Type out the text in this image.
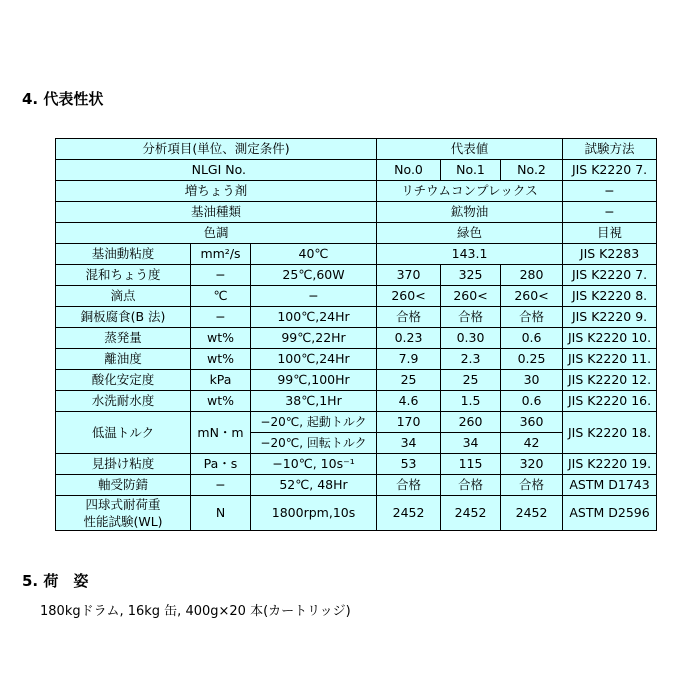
4. 代表性状
分析項目(単位、測定条件)			代表値			試験方法
NLGI No.			No.0	No.1	No.2	JIS K2220 7.
増ちょう剤			リチウムコンプレックス			−
基油種類			鉱物油			−
色調			緑色			目視
基油動粘度	mm²/s	40℃	143.1			JIS K2283
混和ちょう度	−	25℃,60W	370	325	280	JIS K2220 7.
滴点	℃	−	260<	260<	260<	JIS K2220 8.
銅板腐食(B 法)	−	100℃,24Hr	合格	合格	合格	JIS K2220 9.
蒸発量	wt%	99℃,22Hr	0.23	0.30	0.6	JIS K2220 10.
離油度	wt%	100℃,24Hr	7.9	2.3	0.25	JIS K2220 11.
酸化安定度	kPa	99℃,100Hr	25	25	30	JIS K2220 12.
水洗耐水度	wt%	38℃,1Hr	4.6	1.5	0.6	JIS K2220 16.
低温トルク	mN・m	−20℃, 起動トルク	170	260	360	JIS K2220 18.
		−20℃, 回転トルク	34	34	42	
見掛け粘度	Pa・s	−10℃, 10s⁻¹	53	115	320	JIS K2220 19.
軸受防錆	−	52℃, 48Hr	合格	合格	合格	ASTM D1743

四球式耐荷重
性能試験(WL)	N	1800rpm,10s	2452	2452	2452	ASTM D2596
5. 荷　姿
180kgドラム, 16kg 缶, 400g×20 本(カートリッジ)
